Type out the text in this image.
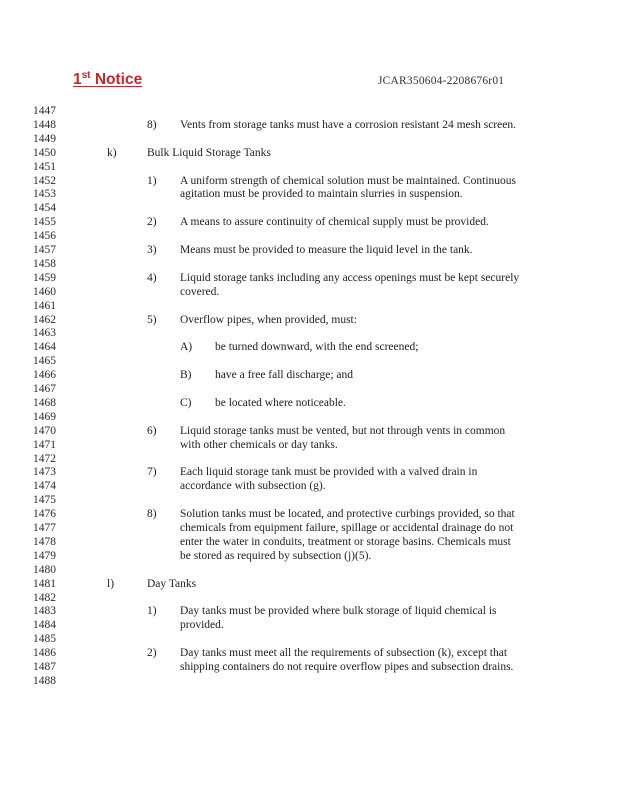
1st Notice	JCAR350604-2208676r01
1447
1448
1449
1450
1451
1452
1453
1454
1455
1456
1457
1458
1459
1460
1461
1462
1463
1464
1465
1466
1467
1468
1469
1470
1471
1472
1473
1474
1475
1476
1477
1478
1479
1480
1481
1482
1483
1484
1485
1486
1487
1488
8) Vents from storage tanks must have a corrosion resistant 24 mesh screen.
k)	Bulk Liquid Storage Tanks
1) A uniform strength of chemical solution must be maintained. Continuous
agitation must be provided to maintain slurries in suspension.
2) A means to assure continuity of chemical supply must be provided.
3) Means must be provided to measure the liquid level in the tank.
4) Liquid storage tanks including any access openings must be kept securely
covered.
5) Overflow pipes, when provided, must:
A) be turned downward, with the end screened;
B) have a free fall discharge; and
C) be located where noticeable.
6) Liquid storage tanks must be vented, but not through vents in common
with other chemicals or day tanks.
7) Each liquid storage tank must be provided with a valved drain in
accordance with subsection (g).
8) Solution tanks must be located, and protective curbings provided, so that
chemicals from equipment failure, spillage or accidental drainage do not
enter the water in conduits, treatment or storage basins. Chemicals must
be stored as required by subsection (j)(5).
l)	Day Tanks
1) Day tanks must be provided where bulk storage of liquid chemical is
provided.
2) Day tanks must meet all the requirements of subsection (k), except that
shipping containers do not require overflow pipes and subsection drains.
